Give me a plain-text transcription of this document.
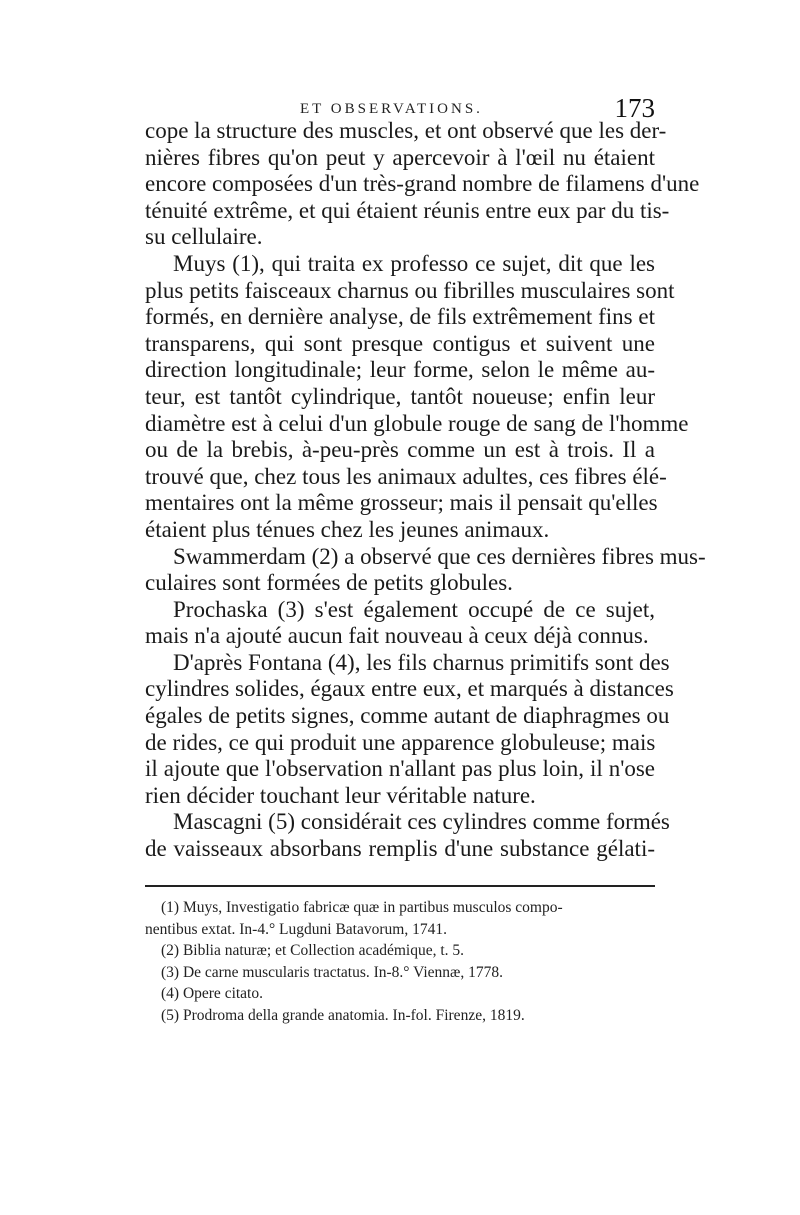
ET OBSERVATIONS.	173
cope la structure des muscles, et ont observé que les der-
nières fibres qu'on peut y apercevoir à l'œil nu étaient
encore composées d'un très-grand nombre de filamens d'une
ténuité extrême, et qui étaient réunis entre eux par du tis-
su cellulaire.
Muys (1), qui traita ex professo ce sujet, dit que les
plus petits faisceaux charnus ou fibrilles musculaires sont
formés, en dernière analyse, de fils extrêmement fins et
transparens, qui sont presque contigus et suivent une
direction longitudinale; leur forme, selon le même au-
teur, est tantôt cylindrique, tantôt noueuse; enfin leur
diamètre est à celui d'un globule rouge de sang de l'homme
ou de la brebis, à-peu-près comme un est à trois. Il a
trouvé que, chez tous les animaux adultes, ces fibres élé-
mentaires ont la même grosseur; mais il pensait qu'elles
étaient plus ténues chez les jeunes animaux.
Swammerdam (2) a observé que ces dernières fibres mus-
culaires sont formées de petits globules.
Prochaska (3) s'est également occupé de ce sujet,
mais n'a ajouté aucun fait nouveau à ceux déjà connus.
D'après Fontana (4), les fils charnus primitifs sont des
cylindres solides, égaux entre eux, et marqués à distances
égales de petits signes, comme autant de diaphragmes ou
de rides, ce qui produit une apparence globuleuse; mais
il ajoute que l'observation n'allant pas plus loin, il n'ose
rien décider touchant leur véritable nature.
Mascagni (5) considérait ces cylindres comme formés
de vaisseaux absorbans remplis d'une substance gélati-
(1) Muys, Investigatio fabricæ quæ in partibus musculos compo-
nentibus extat. In-4.° Lugduni Batavorum, 1741.
(2) Biblia naturæ; et Collection académique, t. 5.
(3) De carne muscularis tractatus. In-8.° Viennæ, 1778.
(4) Opere citato.
(5) Prodroma della grande anatomia. In-fol. Firenze, 1819.
